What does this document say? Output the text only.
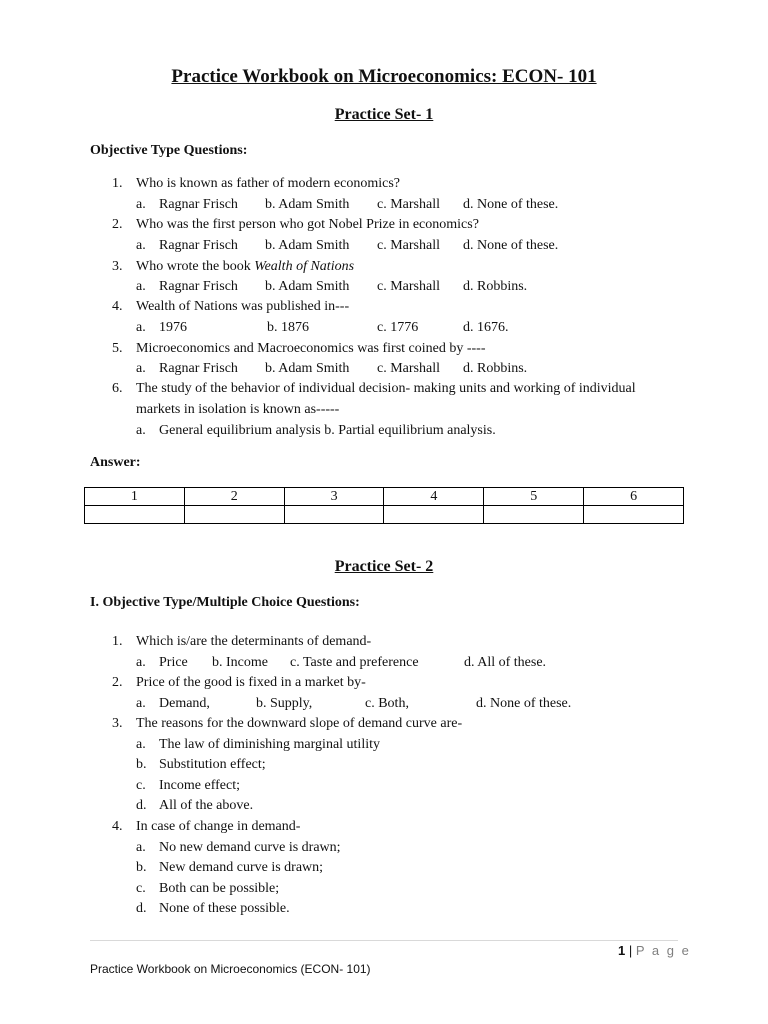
Practice Workbook on Microeconomics: ECON- 101
Practice Set- 1
Objective Type Questions:
1. Who is known as father of modern economics?
a. Ragnar Frisch b. Adam Smith c. Marshall d. None of these.
2. Who was the first person who got Nobel Prize in economics?
a. Ragnar Frisch b. Adam Smith c. Marshall d. None of these.
3. Who wrote the book Wealth of Nations
a. Ragnar Frisch b. Adam Smith c. Marshall d. Robbins.
4. Wealth of Nations was published in---
a. 1976	b. 1876	c. 1776	d. 1676.
5. Microeconomics and Macroeconomics was first coined by ----
a. Ragnar Frisch b. Adam Smith c. Marshall d. Robbins.
6. The study of the behavior of individual decision- making units and working of individual
markets in isolation is known as-----
a. General equilibrium analysis b. Partial equilibrium analysis.
Answer:
1	2	3	4	5	6

Practice Set- 2
I. Objective Type/Multiple Choice Questions:
1. Which is/are the determinants of demand-
a. Price b. Income c. Taste and preference	d. All of these.
2. Price of the good is fixed in a market by-
a. Demand,	b. Supply,	c. Both,	d. None of these.
3. The reasons for the downward slope of demand curve are-
a. The law of diminishing marginal utility
b. Substitution effect;
c. Income effect;
d. All of the above.
4. In case of change in demand-
a. No new demand curve is drawn;
b. New demand curve is drawn;
c. Both can be possible;
d. None of these possible.
1 | P a g e
Practice Workbook on Microeconomics (ECON- 101)
